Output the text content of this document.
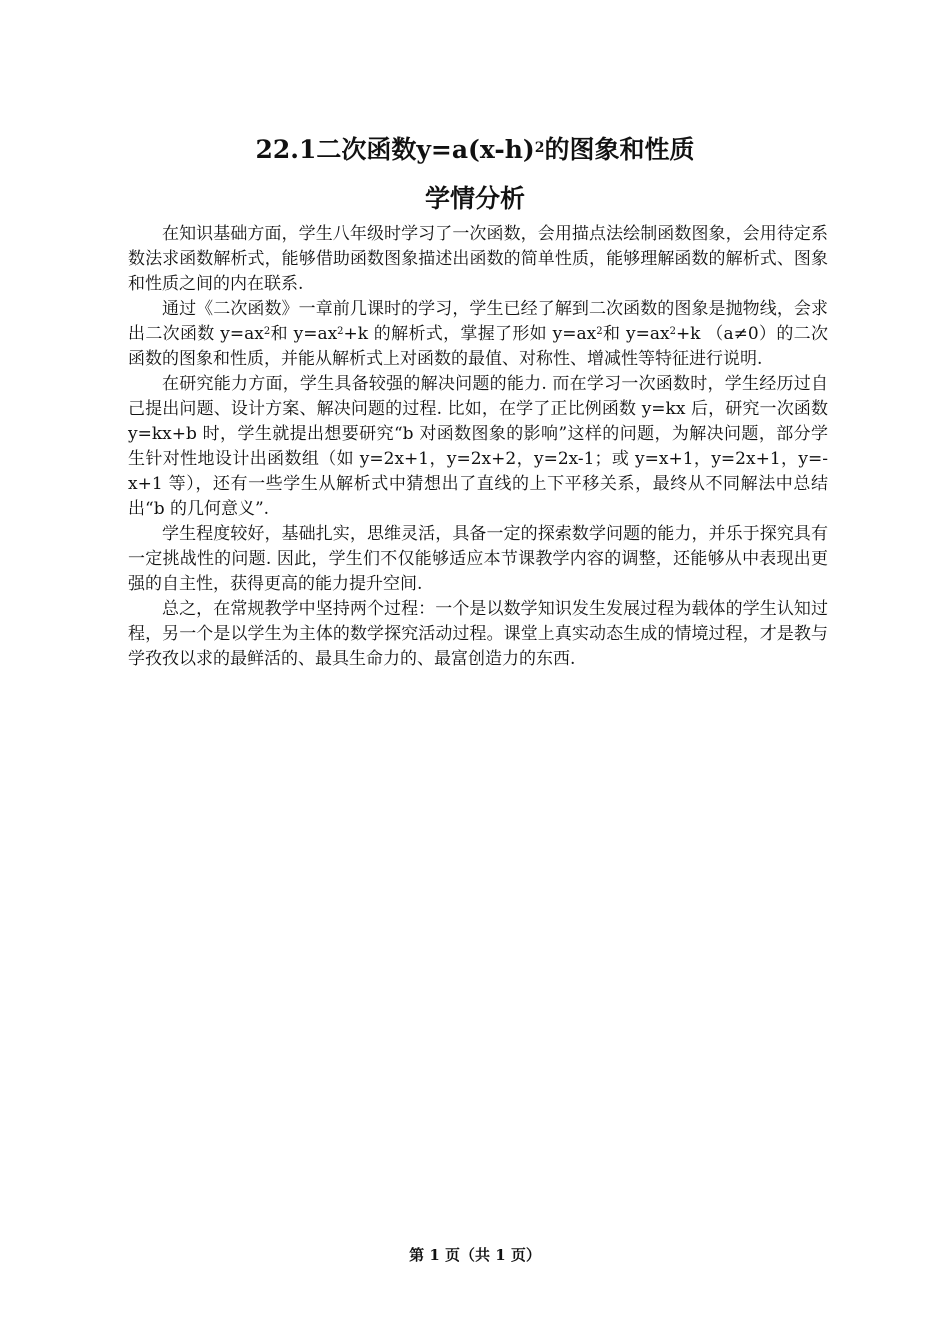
22.1二次函数$y=a(x-h)^2$的图象和性质
学情分析

在知识基础方面，学生八年级时学习了一次函数，会用描点法绘制函数图象，会用待定系数法求函数解析式，能够借助函数图象描述出函数的简单性质，能够理解函数的解析式、图象和性质之间的内在联系.

通过《二次函数》一章前几课时的学习，学生已经了解到二次函数的图象是抛物线，会求出二次函数 $y=ax^2$和 $y=ax^2+k$ 的解析式，掌握了形如 $y=ax^2$和 $y=ax^2+k$ （a≠0）的二次函数的图象和性质，并能从解析式上对函数的最值、对称性、增减性等特征进行说明.

在研究能力方面，学生具备较强的解决问题的能力. 而在学习一次函数时，学生经历过自己提出问题、设计方案、解决问题的过程. 比如，在学了正比例函数 y=kx 后，研究一次函数 y=kx+b 时，学生就提出想要研究“b 对函数图象的影响”这样的问题，为解决问题，部分学生针对性地设计出函数组（如 y=2x+1，y=2x+2，y=2x-1；或 y=x+1，y=2x+1，y=-x+1 等），还有一些学生从解析式中猜想出了直线的上下平移关系，最终从不同解法中总结出“b 的几何意义”.

学生程度较好，基础扎实，思维灵活，具备一定的探索数学问题的能力，并乐于探究具有一定挑战性的问题. 因此，学生们不仅能够适应本节课教学内容的调整，还能够从中表现出更强的自主性，获得更高的能力提升空间.

总之，在常规教学中坚持两个过程：一个是以数学知识发生发展过程为载体的学生认知过程，另一个是以学生为主体的数学探究活动过程。课堂上真实动态生成的情境过程，才是教与学孜孜以求的最鲜活的、最具生命力的、最富创造力的东西.

第 1 页（共 1 页）
